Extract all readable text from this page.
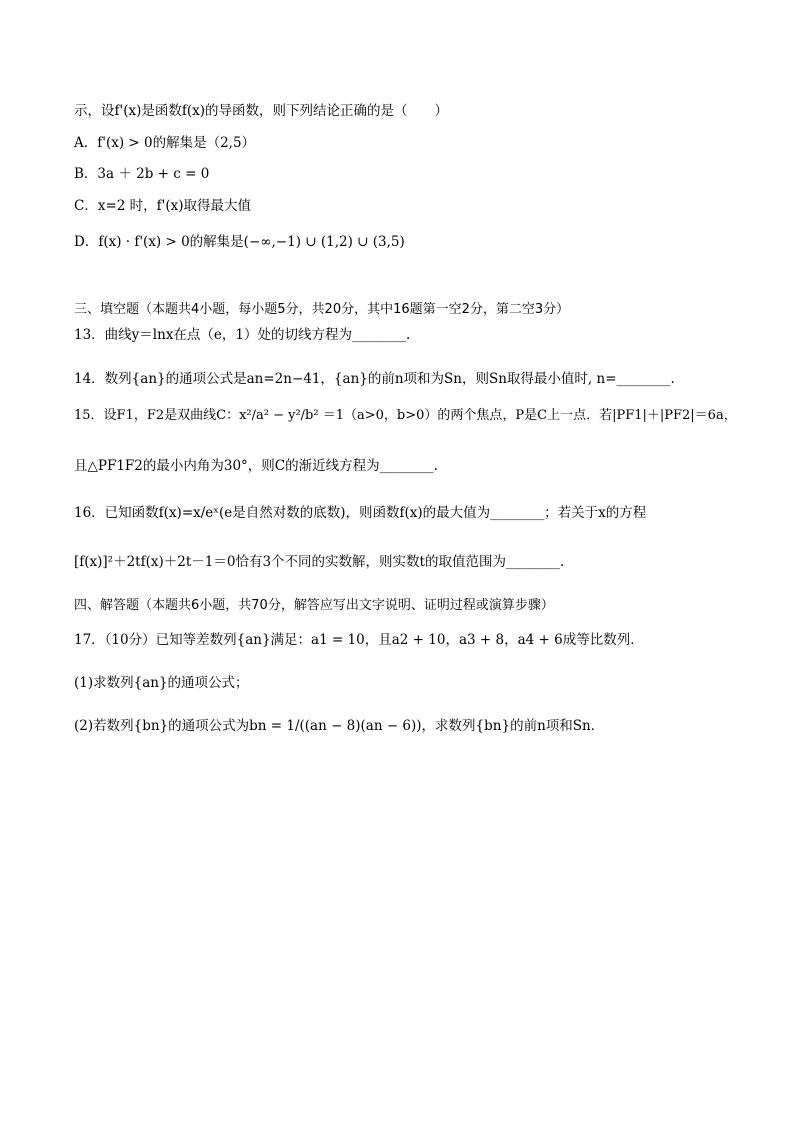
示，设f'(x)是函数f(x)的导函数，则下列结论正确的是（　　）
A．f'(x) > 0的解集是（2,5）
B．3a ＋ 2b + c = 0
C．x=2 时，f'(x)取得最大值
D．f(x) · f'(x) > 0的解集是(−∞,−1) ∪ (1,2) ∪ (3,5)
三、填空题（本题共4小题，每小题5分，共20分，其中16题第一空2分，第二空3分）
13．曲线y＝lnx在点（e，1）处的切线方程为________.
14．数列{an}的通项公式是an=2n−41，{an}的前n项和为Sn，则Sn取得最小值时, n=________.
15．设F1，F2是双曲线C：x²/a² − y²/b² ＝1（a>0，b>0）的两个焦点，P是C上一点．若|PF1|＋|PF2|＝6a，
且△PF1F2的最小内角为30°，则C的渐近线方程为________.
16．已知函数f(x)=x/eˣ(e是自然对数的底数)，则函数f(x)的最大值为________；若关于x的方程
[f(x)]²＋2tf(x)＋2t－1＝0恰有3个不同的实数解，则实数t的取值范围为________.
四、解答题（本题共6小题，共70分，解答应写出文字说明、证明过程或演算步骤）
17．（10分）已知等差数列{an}满足：a1 = 10，且a2 + 10，a3 + 8，a4 + 6成等比数列．
(1)求数列{an}的通项公式；
(2)若数列{bn}的通项公式为bn = 1/((an − 8)(an − 6))，求数列{bn}的前n项和Sn．
